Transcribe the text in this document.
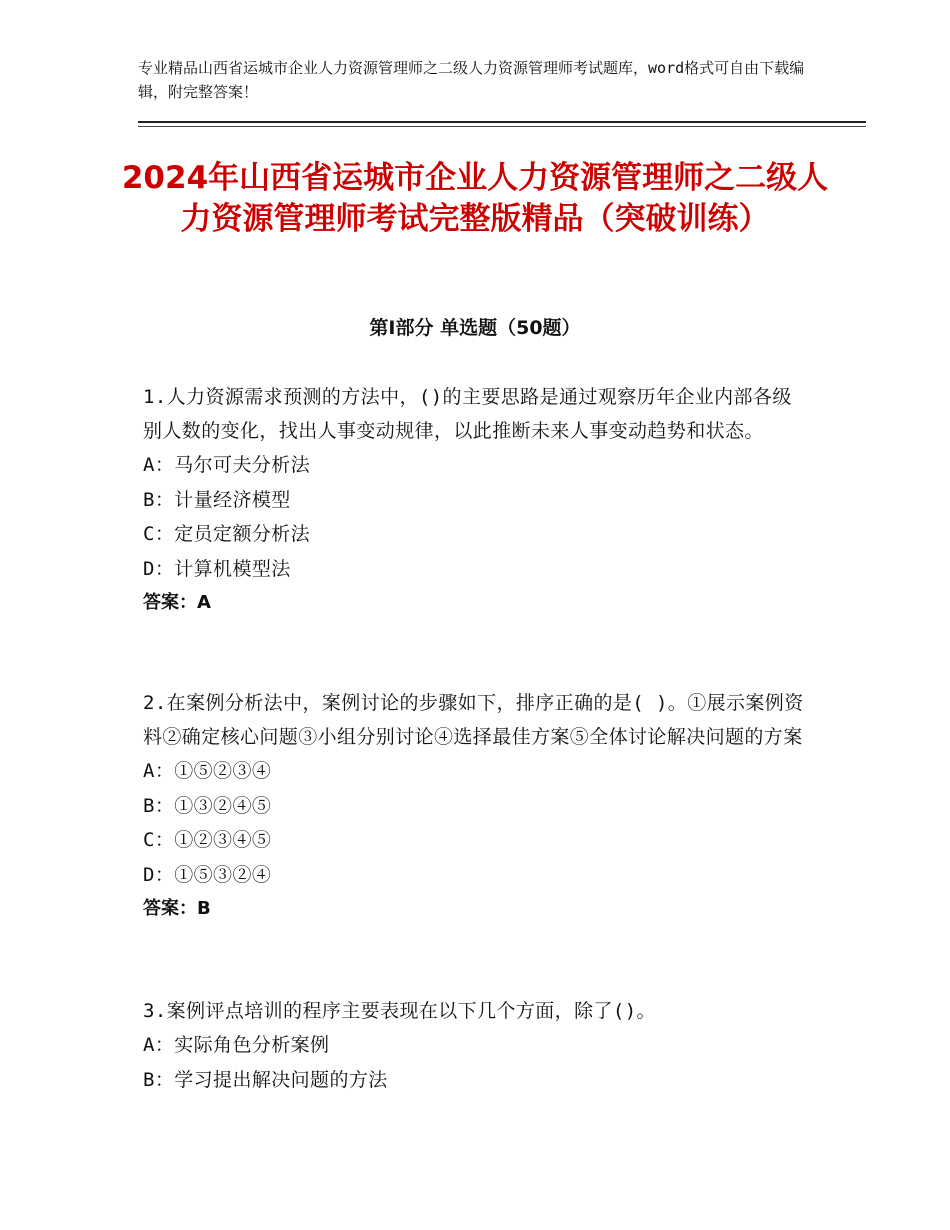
专业精品山西省运城市企业人力资源管理师之二级人力资源管理师考试题库，word格式可自由下载编辑，附完整答案！
2024年山西省运城市企业人力资源管理师之二级人力资源管理师考试完整版精品（突破训练）
第Ⅰ部分 单选题（50题）
1.人力资源需求预测的方法中，()的主要思路是通过观察历年企业内部各级别人数的变化，找出人事变动规律，以此推断未来人事变动趋势和状态。
A：马尔可夫分析法
B：计量经济模型
C：定员定额分析法
D：计算机模型法
答案：A
2.在案例分析法中，案例讨论的步骤如下，排序正确的是( )。①展示案例资料②确定核心问题③小组分别讨论④选择最佳方案⑤全体讨论解决问题的方案
A：①⑤②③④
B：①③②④⑤
C：①②③④⑤
D：①⑤③②④
答案：B
3.案例评点培训的程序主要表现在以下几个方面，除了()。
A：实际角色分析案例
B：学习提出解决问题的方法
